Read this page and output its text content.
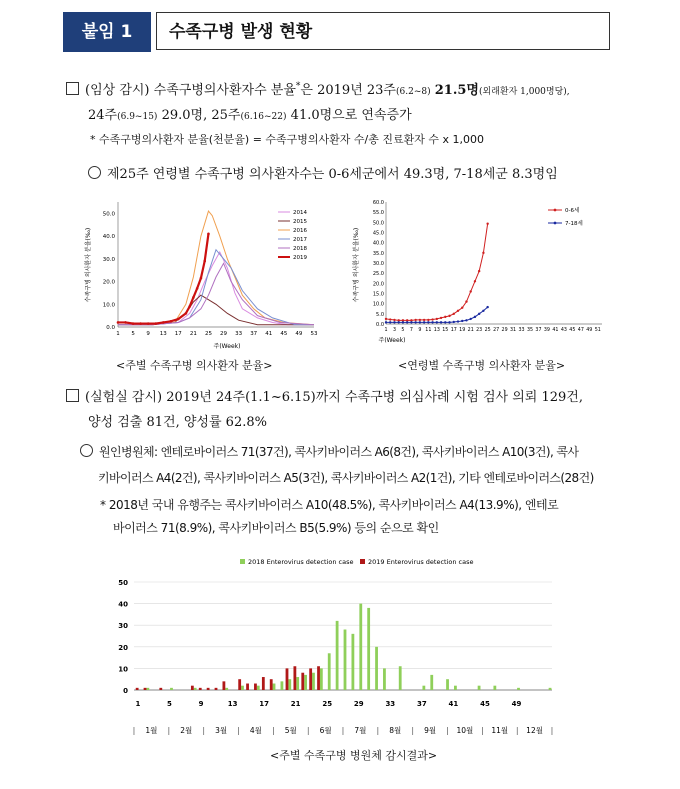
붙임 1	수족구병 발생 현황
(임상 감시) 수족구병의사환자수 분율*은 2019년 23주(6.2~8) 21.5명(외래환자 1,000명당),
24주(6.9~15) 29.0명, 25주(6.16~22) 41.0명으로 연속증가
* 수족구병의사환자 분율(천분율) = 수족구병의사환자 수/총 진료환자 수 x 1,000
제25주 연령별 수족구병 의사환자수는 0-6세군에서 49.3명, 7-18세군 8.3명임
수족구병 의사환자 분율(‰)
0.0
10.0
20.0
30.0
40.0
50.0
1 5 9 13 17 21 25 29 33 37 41 45 49 53
2014
2015
2016
2017
2018
2019
주(Week)
<주별 수족구병 의사환자 분율>
수족구병 의사환자 분율(‰)
0.0
5.0
10.0
15.0
20.0
25.0
30.0
35.0
40.0
45.0
50.0
55.0
60.0
1 3 5 7 9 11 13 15 17 19 21 23 25 27 29 31 33 35 37 39 41 43 45 47 49 51
0-6세
7-18세
주(Week)
<연령별 수족구병 의사환자 분율>
(실험실 감시) 2019년 24주(1.1~6.15)까지 수족구병 의심사례 시험 검사 의뢰 129건,
양성 검출 81건, 양성률 62.8%
원인병원체: 엔테로바이러스 71(37건), 콕사키바이러스 A6(8건), 콕사키바이러스 A10(3건), 콕사
키바이러스 A4(2건), 콕사키바이러스 A5(3건), 콕사키바이러스 A2(1건), 기타 엔테로바이러스(28건)
* 2018년 국내 유행주는 콕사키바이러스 A10(48.5%), 콕사키바이러스 A4(13.9%), 엔테로
바이러스 71(8.9%), 콕사키바이러스 B5(5.9%) 등의 순으로 확인
2018 Enterovirus detection case 2019 Enterovirus detection case
0
10
20
30
40
50
1	5	9	13	17	21	25	29	33	37	41	45	49
| 1월 | 2월 | 3월 | 4월 | 5월 | 6월 | 7월 | 8월 | 9월 | 10월 | 11월 | 12월 |
<주별 수족구병 병원체 감시결과>
